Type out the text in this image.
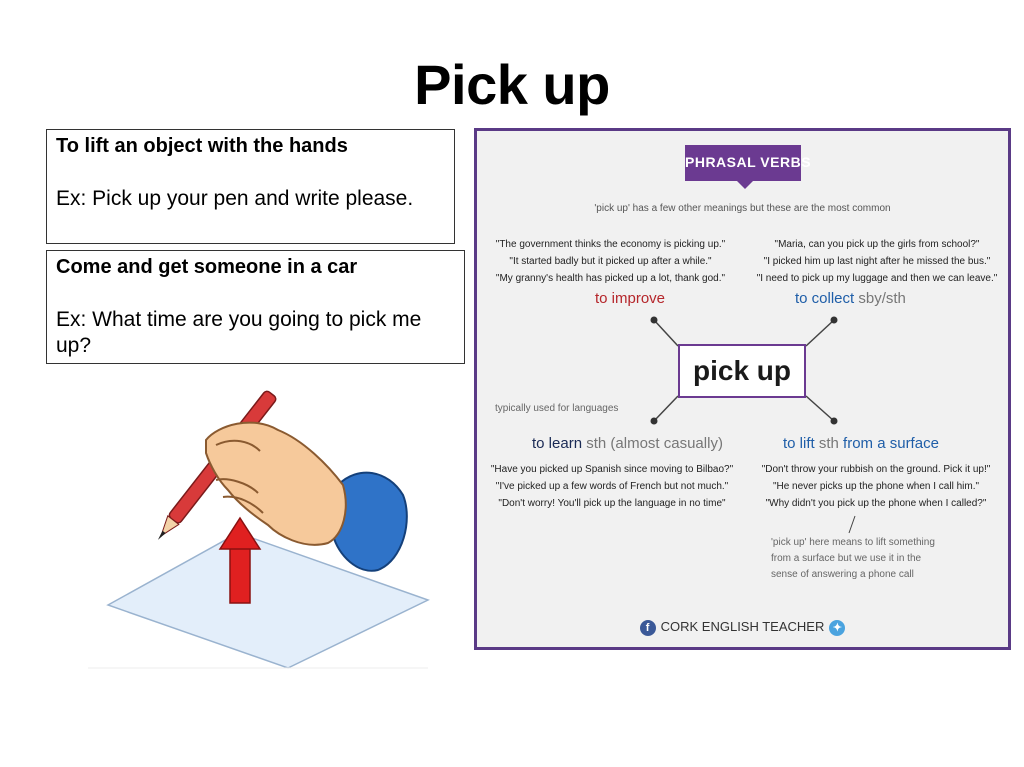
Pick up
To lift an object with the hands
Ex: Pick up your pen and write please.
Come and get someone in a car
Ex: What time are you going to pick me up?
PHRASAL VERBS
'pick up' has a few other meanings but these are the most common
"The government thinks the economy is picking up."
"It started badly but it picked up after a while."
"My granny's health has picked up a lot, thank god."
to improve
"Maria, can you pick up the girls from school?"
"I picked him up last night after he missed the bus."
"I need to pick up my luggage and then we can leave."
to collect sby/sth
pick up
typically used for languages
to learn sth (almost casually)
"Have you picked up Spanish since moving to Bilbao?"
"I've picked up a few words of French but not much."
"Don't worry! You'll pick up the language in no time"
to lift sth from a surface
"Don't throw your rubbish on the ground. Pick it up!"
"He never picks up the phone when I call him."
"Why didn't you pick up the phone when I called?"
'pick up' here means to lift something
from a surface but we use it in the
sense of answering a phone call
f CORK ENGLISH TEACHER ✦
